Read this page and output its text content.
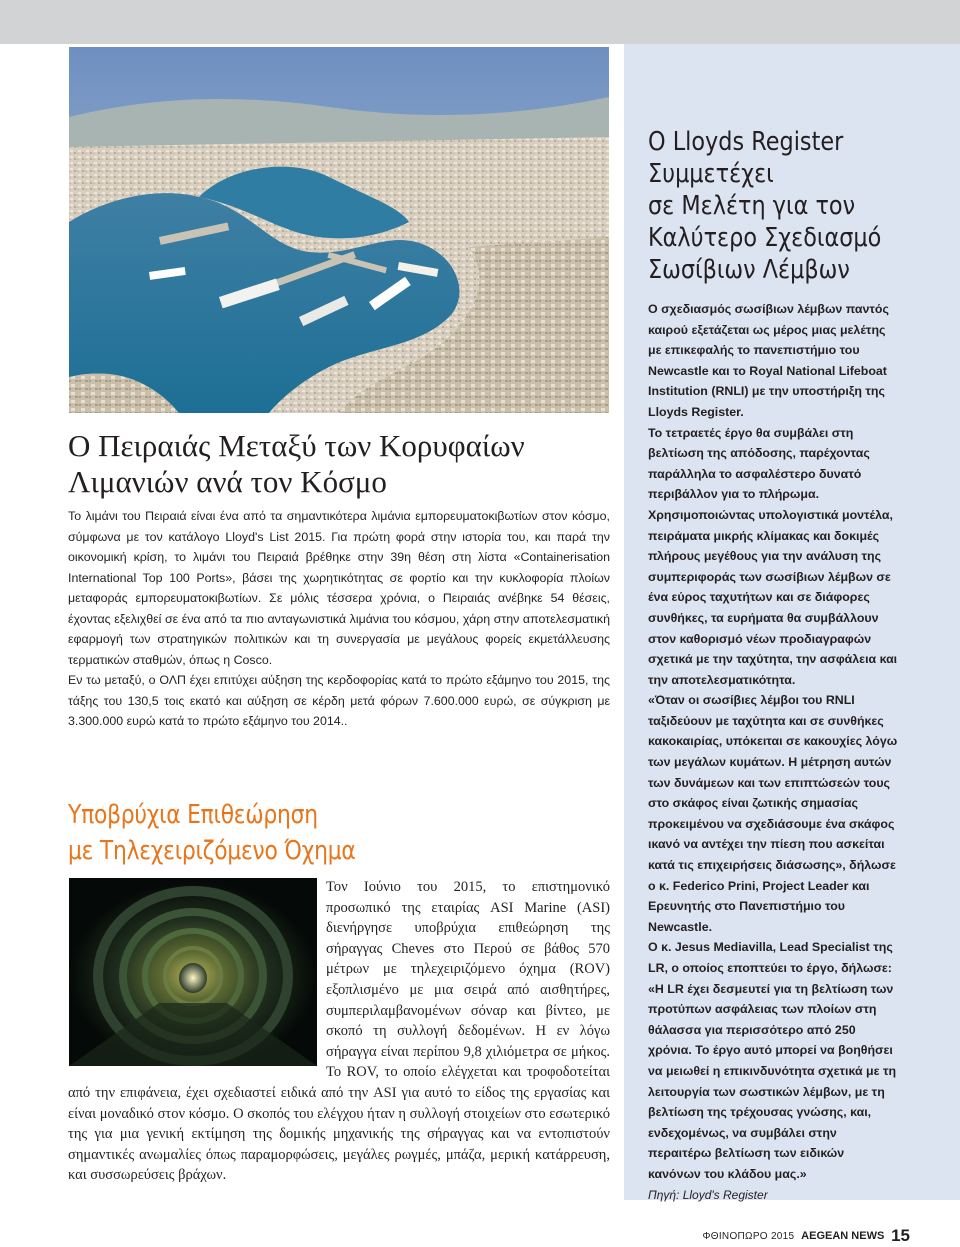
Ο Πειραιάς Μεταξύ των Κορυφαίων
Λιμανιών ανά τον Κόσμο

Το λιμάνι του Πειραιά είναι ένα από τα σημαντικότερα λιμάνια εμπορευματοκιβωτίων στον κόσμο, σύμφωνα με τον κατάλογο Lloyd's List 2015. Για πρώτη φορά στην ιστορία του, και παρά την οικονομική κρίση, το λιμάνι του Πειραιά βρέθηκε στην 39η θέση στη λίστα «Containerisation International Top 100 Ports», βάσει της χωρητικότητας σε φορτίο και την κυκλοφορία πλοίων μεταφοράς εμπορευματοκιβωτίων. Σε μόλις τέσσερα χρόνια, ο Πειραιάς ανέβηκε 54 θέσεις, έχοντας εξελιχθεί σε ένα από τα πιο ανταγωνιστικά λιμάνια του κόσμου, χάρη στην αποτελεσματική εφαρμογή των στρατηγικών πολιτικών και τη συνεργασία με μεγάλους φορείς εκμετάλλευσης τερματικών σταθμών, όπως η Cosco.

Εν τω μεταξύ, ο ΟΛΠ έχει επιτύχει αύξηση της κερδοφορίας κατά το πρώτο εξάμηνο του 2015, της τάξης του 130,5 τοις εκατό και αύξηση σε κέρδη μετά φόρων 7.600.000 ευρώ, σε σύγκριση με 3.300.000 ευρώ κατά το πρώτο εξάμηνο του 2014..

Υποβρύχια Επιθεώρηση
με Τηλεχειριζόμενο Όχημα

Τον Ιούνιο του 2015, το επιστημονικό προσωπικό της εταιρίας ASI Marine (ASI) διενήργησε υποβρύχια επιθεώρηση της σήραγγας Cheves στο Περού σε βάθος 570 μέτρων με τηλεχειριζόμενο όχημα (ROV) εξοπλισμένο με μια σειρά από αισθητήρες, συμπεριλαμβανομένων σόναρ και βίντεο, με σκοπό τη συλλογή δεδομένων. Η εν λόγω σήραγγα είναι περίπου 9,8 χιλιόμετρα σε μήκος. Το ROV, το οποίο ελέγχεται και τροφοδοτείται από την επιφάνεια, έχει σχεδιαστεί ειδικά από την ASI για αυτό το είδος της εργασίας και είναι μοναδικό στον κόσμο. Ο σκοπός του ελέγχου ήταν η συλλογή στοιχείων στο εσωτερικό της για μια γενική εκτίμηση της δομικής μηχανικής της σήραγγας και να εντοπιστούν σημαντικές ανωμαλίες όπως παραμορφώσεις, μεγάλες ρωγμές, μπάζα, μερική κατάρρευση, και συσσωρεύσεις βράχων.

Ο Lloyds Register
Συμμετέχει
σε Μελέτη για τον
Καλύτερο Σχεδιασμό
Σωσίβιων Λέμβων

Ο σχεδιασμός σωσίβιων λέμβων παντός καιρού εξετάζεται ως μέρος μιας μελέτης με επικεφαλής το πανεπιστήμιο του Newcastle και το Royal National Lifeboat Institution (RNLI) με την υποστήριξη της Lloyds Register.

Το τετραετές έργο θα συμβάλει στη βελτίωση της απόδοσης, παρέχοντας παράλληλα το ασφαλέστερο δυνατό περιβάλλον για το πλήρωμα.

Χρησιμοποιώντας υπολογιστικά μοντέλα, πειράματα μικρής κλίμακας και δοκιμές πλήρους μεγέθους για την ανάλυση της συμπεριφοράς των σωσίβιων λέμβων σε ένα εύρος ταχυτήτων και σε διάφορες συνθήκες, τα ευρήματα θα συμβάλλουν στον καθορισμό νέων προδιαγραφών σχετικά με την ταχύτητα, την ασφάλεια και την αποτελεσματικότητα.

«Όταν οι σωσίβιες λέμβοι του RNLI ταξιδεύουν με ταχύτητα και σε συνθήκες κακοκαιρίας, υπόκειται σε κακουχίες λόγω των μεγάλων κυμάτων. Η μέτρηση αυτών των δυνάμεων και των επιπτώσεών τους στο σκάφος είναι ζωτικής σημασίας προκειμένου να σχεδιάσουμε ένα σκάφος ικανό να αντέχει την πίεση που ασκείται κατά τις επιχειρήσεις διάσωσης», δήλωσε ο κ. Federico Prini, Project Leader και Ερευνητής στο Πανεπιστήμιο του Newcastle.

Ο κ. Jesus Mediavilla, Lead Specialist της LR, ο οποίος εποπτεύει το έργο, δήλωσε: «Η LR έχει δεσμευτεί για τη βελτίωση των προτύπων ασφάλειας των πλοίων στη θάλασσα για περισσότερο από 250 χρόνια. Το έργο αυτό μπορεί να βοηθήσει να μειωθεί η επικινδυνότητα σχετικά με τη λειτουργία των σωστικών λέμβων, με τη βελτίωση της τρέχουσας γνώσης, και, ενδεχομένως, να συμβάλει στην περαιτέρω βελτίωση των ειδικών κανόνων του κλάδου μας.»

Πηγή: Lloyd's Register
ΦΘΙΝΟΠΩΡΟ 2015 AEGEAN NEWS 15
